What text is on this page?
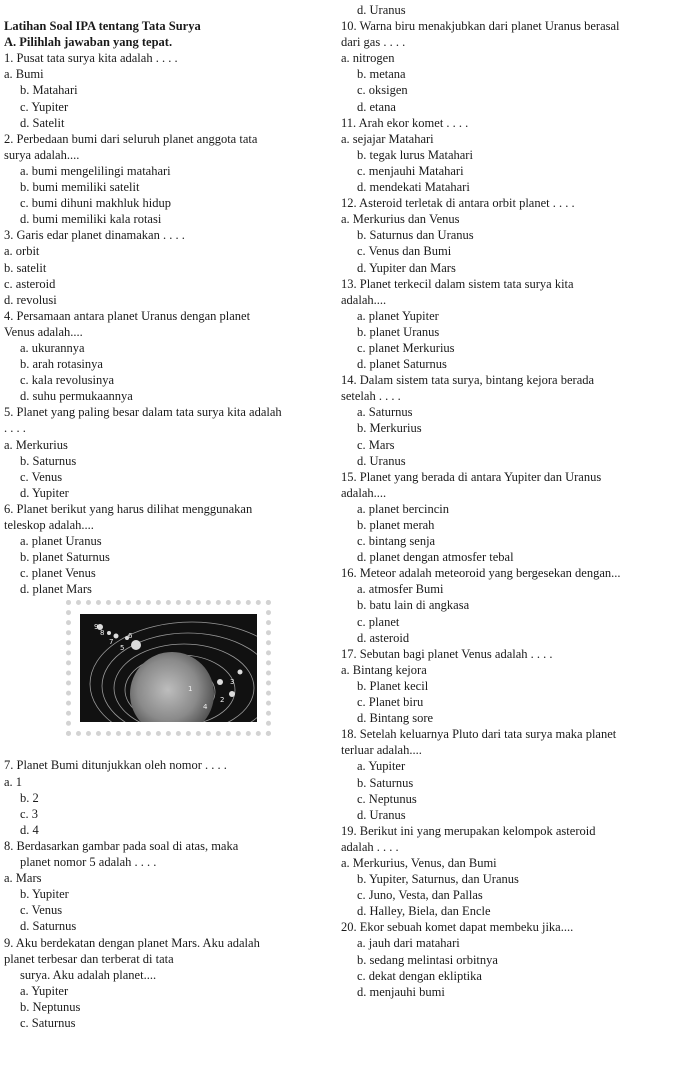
Latihan Soal IPA tentang Tata Surya
A. Pilihlah jawaban yang tepat.
1. Pusat tata surya kita adalah . . . .
a. Bumi
b. Matahari
c. Yupiter
d. Satelit
2. Perbedaan bumi dari seluruh planet anggota tata
surya adalah....
a. bumi mengelilingi matahari
b. bumi memiliki satelit
c. bumi dihuni makhluk hidup
d. bumi memiliki kala rotasi
3. Garis edar planet dinamakan . . . .
a. orbit
b. satelit
c. asteroid
d. revolusi
4. Persamaan antara planet Uranus dengan planet
Venus adalah....
a. ukurannya
b. arah rotasinya
c. kala revolusinya
d. suhu permukaannya
5. Planet yang paling besar dalam tata surya kita adalah
. . . .
a. Merkurius
b. Saturnus
c. Venus
d. Yupiter
6. Planet berikut yang harus dilihat menggunakan
teleskop adalah....
a. planet Uranus
b. planet Saturnus
c. planet Venus
d. planet Mars
1
2
3
4
5
6
7
8
9
7. Planet Bumi ditunjukkan oleh nomor . . . .
a. 1
b. 2
c. 3
d. 4
8. Berdasarkan gambar pada soal di atas, maka
planet nomor 5 adalah . . . .
a. Mars
b. Yupiter
c. Venus
d. Saturnus
9. Aku berdekatan dengan planet Mars. Aku adalah
planet terbesar dan terberat di tata
surya. Aku adalah planet....
a. Yupiter
b. Neptunus
c. Saturnus
d. Uranus
10. Warna biru menakjubkan dari planet Uranus berasal
dari gas . . . .
a. nitrogen
b. metana
c. oksigen
d. etana
11. Arah ekor komet . . . .
a. sejajar Matahari
b. tegak lurus Matahari
c. menjauhi Matahari
d. mendekati Matahari
12. Asteroid terletak di antara orbit planet . . . .
a. Merkurius dan Venus
b. Saturnus dan Uranus
c. Venus dan Bumi
d. Yupiter dan Mars
13. Planet terkecil dalam sistem tata surya kita
adalah....
a. planet Yupiter
b. planet Uranus
c. planet Merkurius
d. planet Saturnus
14. Dalam sistem tata surya, bintang kejora berada
setelah . . . .
a. Saturnus
b. Merkurius
c. Mars
d. Uranus
15. Planet yang berada di antara Yupiter dan Uranus
adalah....
a. planet bercincin
b. planet merah
c. bintang senja
d. planet dengan atmosfer tebal
16. Meteor adalah meteoroid yang bergesekan dengan...
a. atmosfer Bumi
b. batu lain di angkasa
c. planet
d. asteroid
17. Sebutan bagi planet Venus adalah . . . .
a. Bintang kejora
b. Planet kecil
c. Planet biru
d. Bintang sore
18. Setelah keluarnya Pluto dari tata surya maka planet
terluar adalah....
a. Yupiter
b. Saturnus
c. Neptunus
d. Uranus
19. Berikut ini yang merupakan kelompok asteroid
adalah . . . .
a. Merkurius, Venus, dan Bumi
b. Yupiter, Saturnus, dan Uranus
c. Juno, Vesta, dan Pallas
d. Halley, Biela, dan Encle
20. Ekor sebuah komet dapat membeku jika....
a. jauh dari matahari
b. sedang melintasi orbitnya
c. dekat dengan ekliptika
d. menjauhi bumi
